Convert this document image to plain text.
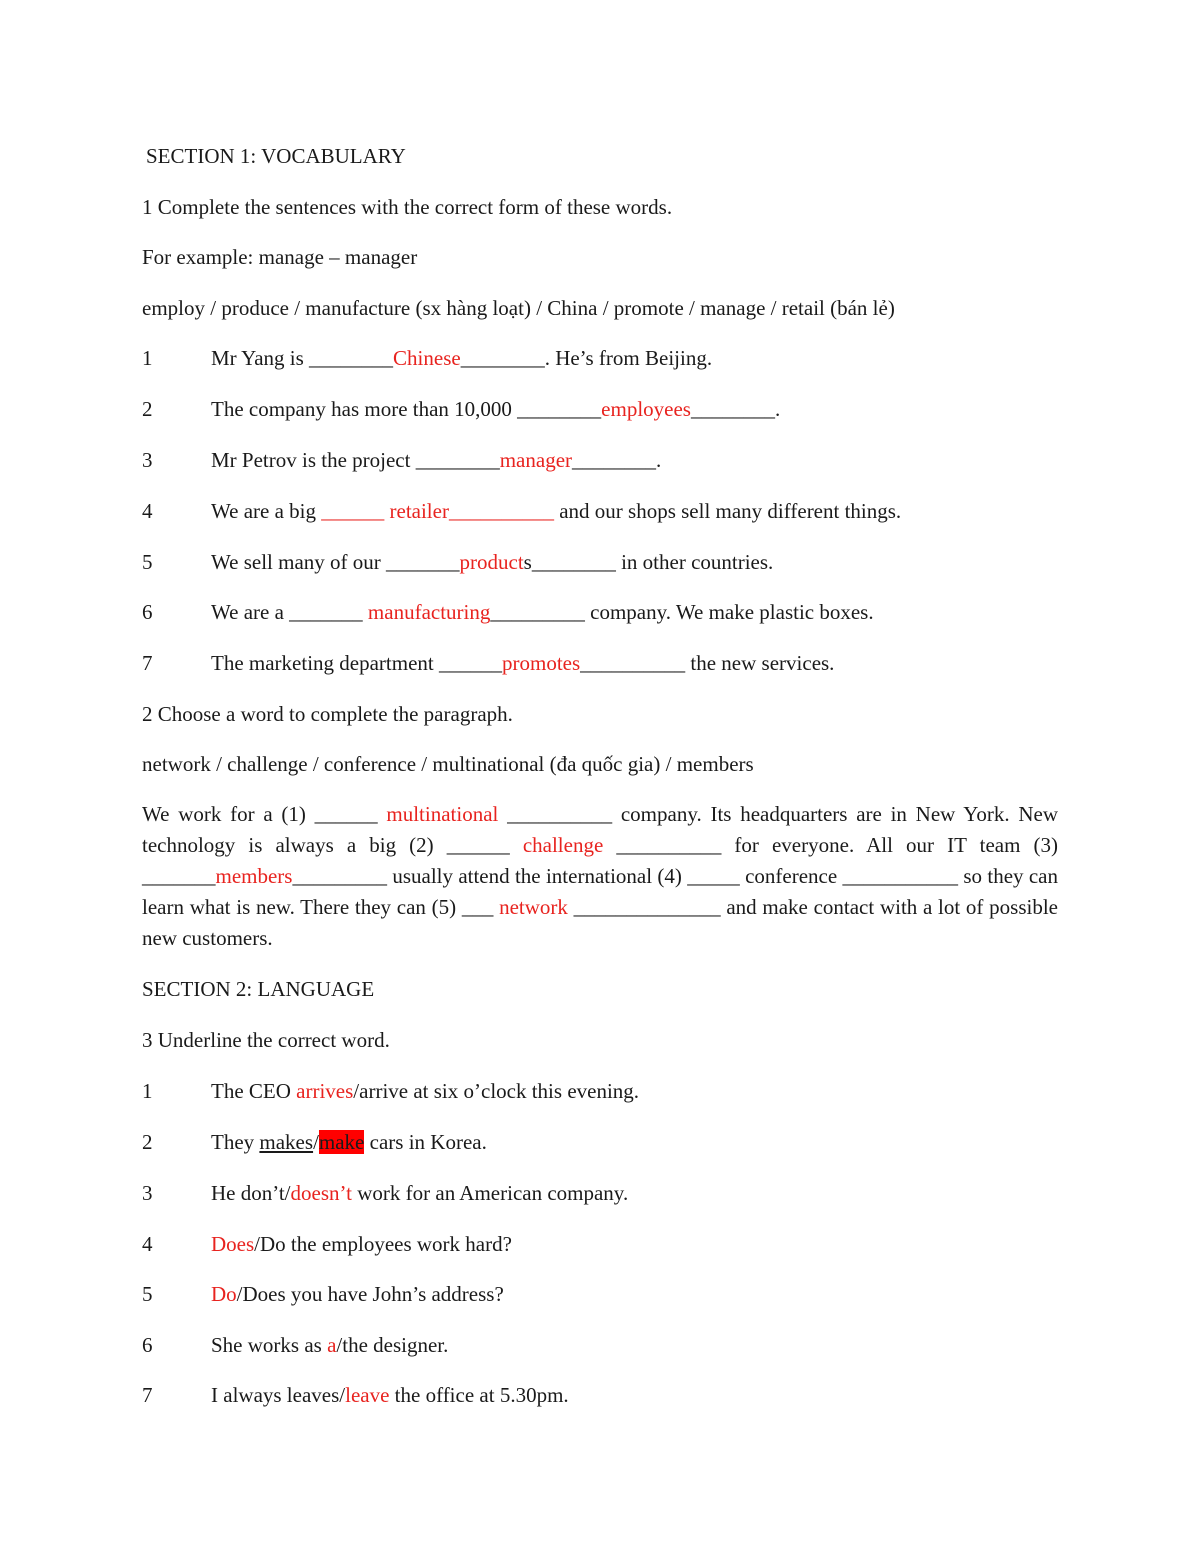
SECTION 1: VOCABULARY
1 Complete the sentences with the correct form of these words.
For example: manage – manager
employ / produce / manufacture (sx hàng loạt) / China / promote / manage / retail (bán lẻ)
1	Mr Yang is ________Chinese________. He’s from Beijing.
2	The company has more than 10,000 ________employees________.
3	Mr Petrov is the project ________manager________.
4	We are a big ______ retailer__________ and our shops sell many different things.
5	We sell many of our _______products________ in other countries.
6	We are a _______ manufacturing_________ company. We make plastic boxes.
7	The marketing department ______promotes__________ the new services.
2 Choose a word to complete the paragraph.
network / challenge / conference / multinational (đa quốc gia) / members
We work for a (1) ______ multinational __________ company. Its headquarters are in New York. New technology is always a big (2) ______ challenge __________ for everyone. All our IT team (3) _______members_________ usually attend the international (4) _____ conference ___________ so they can learn what is new. There they can (5) ___ network ______________ and make contact with a lot of possible new customers.
SECTION 2: LANGUAGE
3 Underline the correct word.
1	The CEO arrives/arrive at six o’clock this evening.
2	They makes/make cars in Korea.
3	He don’t/doesn’t work for an American company.
4	Does/Do the employees work hard?
5	Do/Does you have John’s address?
6	She works as a/the designer.
7	I always leaves/leave the office at 5.30pm.
